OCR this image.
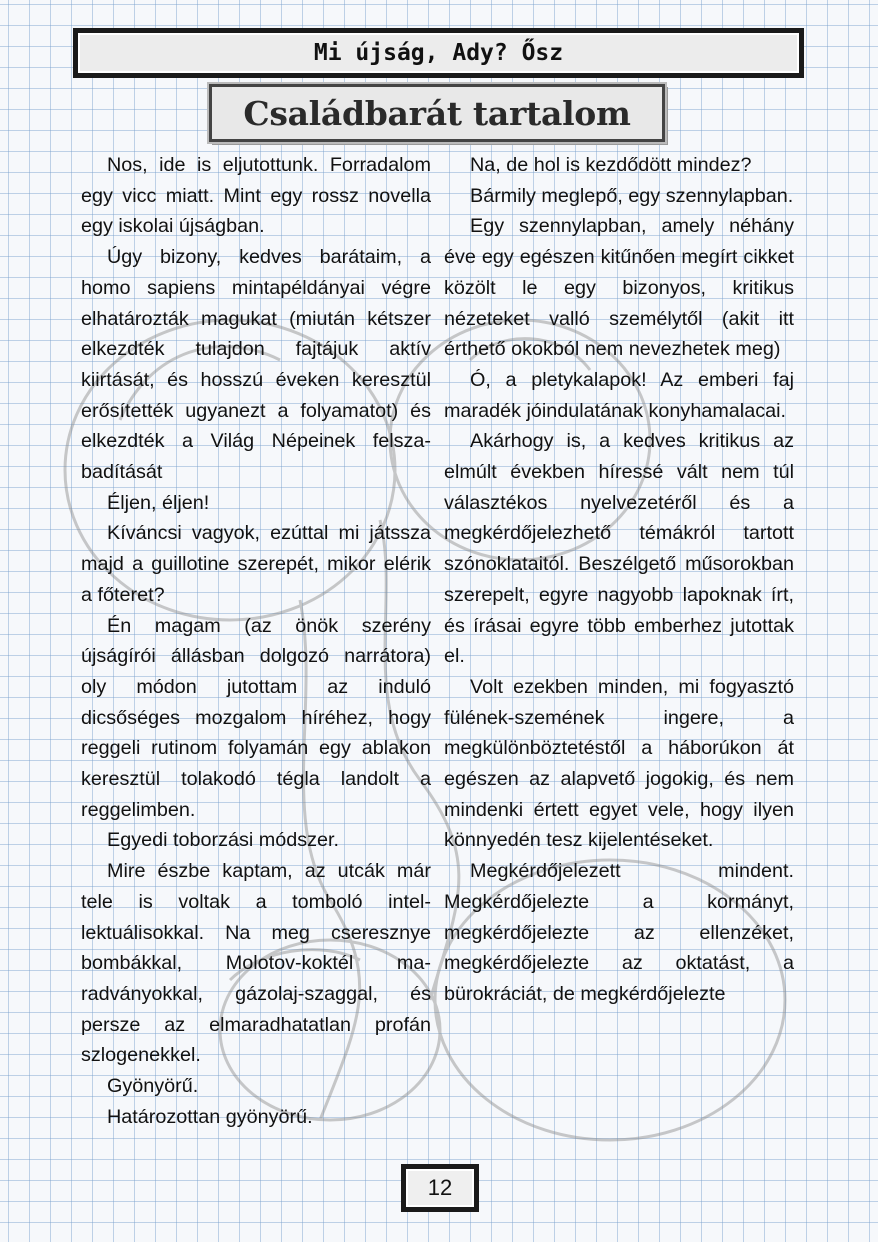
Mi újság, Ady? Ősz
Családbarát tartalom

Nos, ide is eljutottunk. Forradalom egy vicc miatt. Mint egy rossz novella egy iskolai újságban.

Úgy bizony, kedves barátaim, a homo sapiens mintapéldányai végre elhatározták magukat (miután kétszer elkezdték tulajdon fajtájuk aktív kiirtását, és hosszú éveken keresztül erősítették ugyanezt a folyamatot) és elkezdték a Világ Népeinek felszabadítását

Éljen, éljen!

Kíváncsi vagyok, ezúttal mi játssza majd a guillotine szerepét, mikor elérik a főteret?

Én magam (az önök szerény újságírói állásban dolgozó narrátora) oly módon jutottam az induló dicsőséges mozgalom híréhez, hogy reggeli rutinom folyamán egy ablakon keresztül tolakodó tégla landolt a reggelimben.

Egyedi toborzási módszer.

Mire észbe kaptam, az utcák már tele is voltak a tomboló intellektuálisokkal. Na meg cseresznye bombákkal, Molotov-koktél maradványokkal, gázolaj-szaggal, és persze az elmaradhatatlan profán szlogenekkel.

Gyönyörű.

Határozottan gyönyörű.

Na, de hol is kezdődött mindez?

Bármily meglepő, egy szennylapban.

Egy szennylapban, amely néhány éve egy egészen kitűnően megírt cikket közölt le egy bizonyos, kritikus nézeteket valló személytől (akit itt érthető okokból nem nevezhetek meg)

Ó, a pletykalapok! Az emberi faj maradék jóindulatának konyhamalacai.

Akárhogy is, a kedves kritikus az elmúlt években híressé vált nem túl választékos nyelvezetéről és a megkérdőjelezhető témákról tartott szónoklataitól. Beszélgető műsorokban szerepelt, egyre nagyobb lapoknak írt, és írásai egyre több emberhez jutottak el.

Volt ezekben minden, mi fogyasztó fülének-szemének ingere, a megkülönböztetéstől a háborúkon át egészen az alapvető jogokig, és nem mindenki értett egyet vele, hogy ilyen könnyedén tesz kijelentéseket.

Megkérdőjelezett mindent. Megkérdőjelezte a kormányt, megkérdőjelezte az ellenzéket, megkérdőjelezte az oktatást, a bürokráciát, de megkérdőjelezte

12
